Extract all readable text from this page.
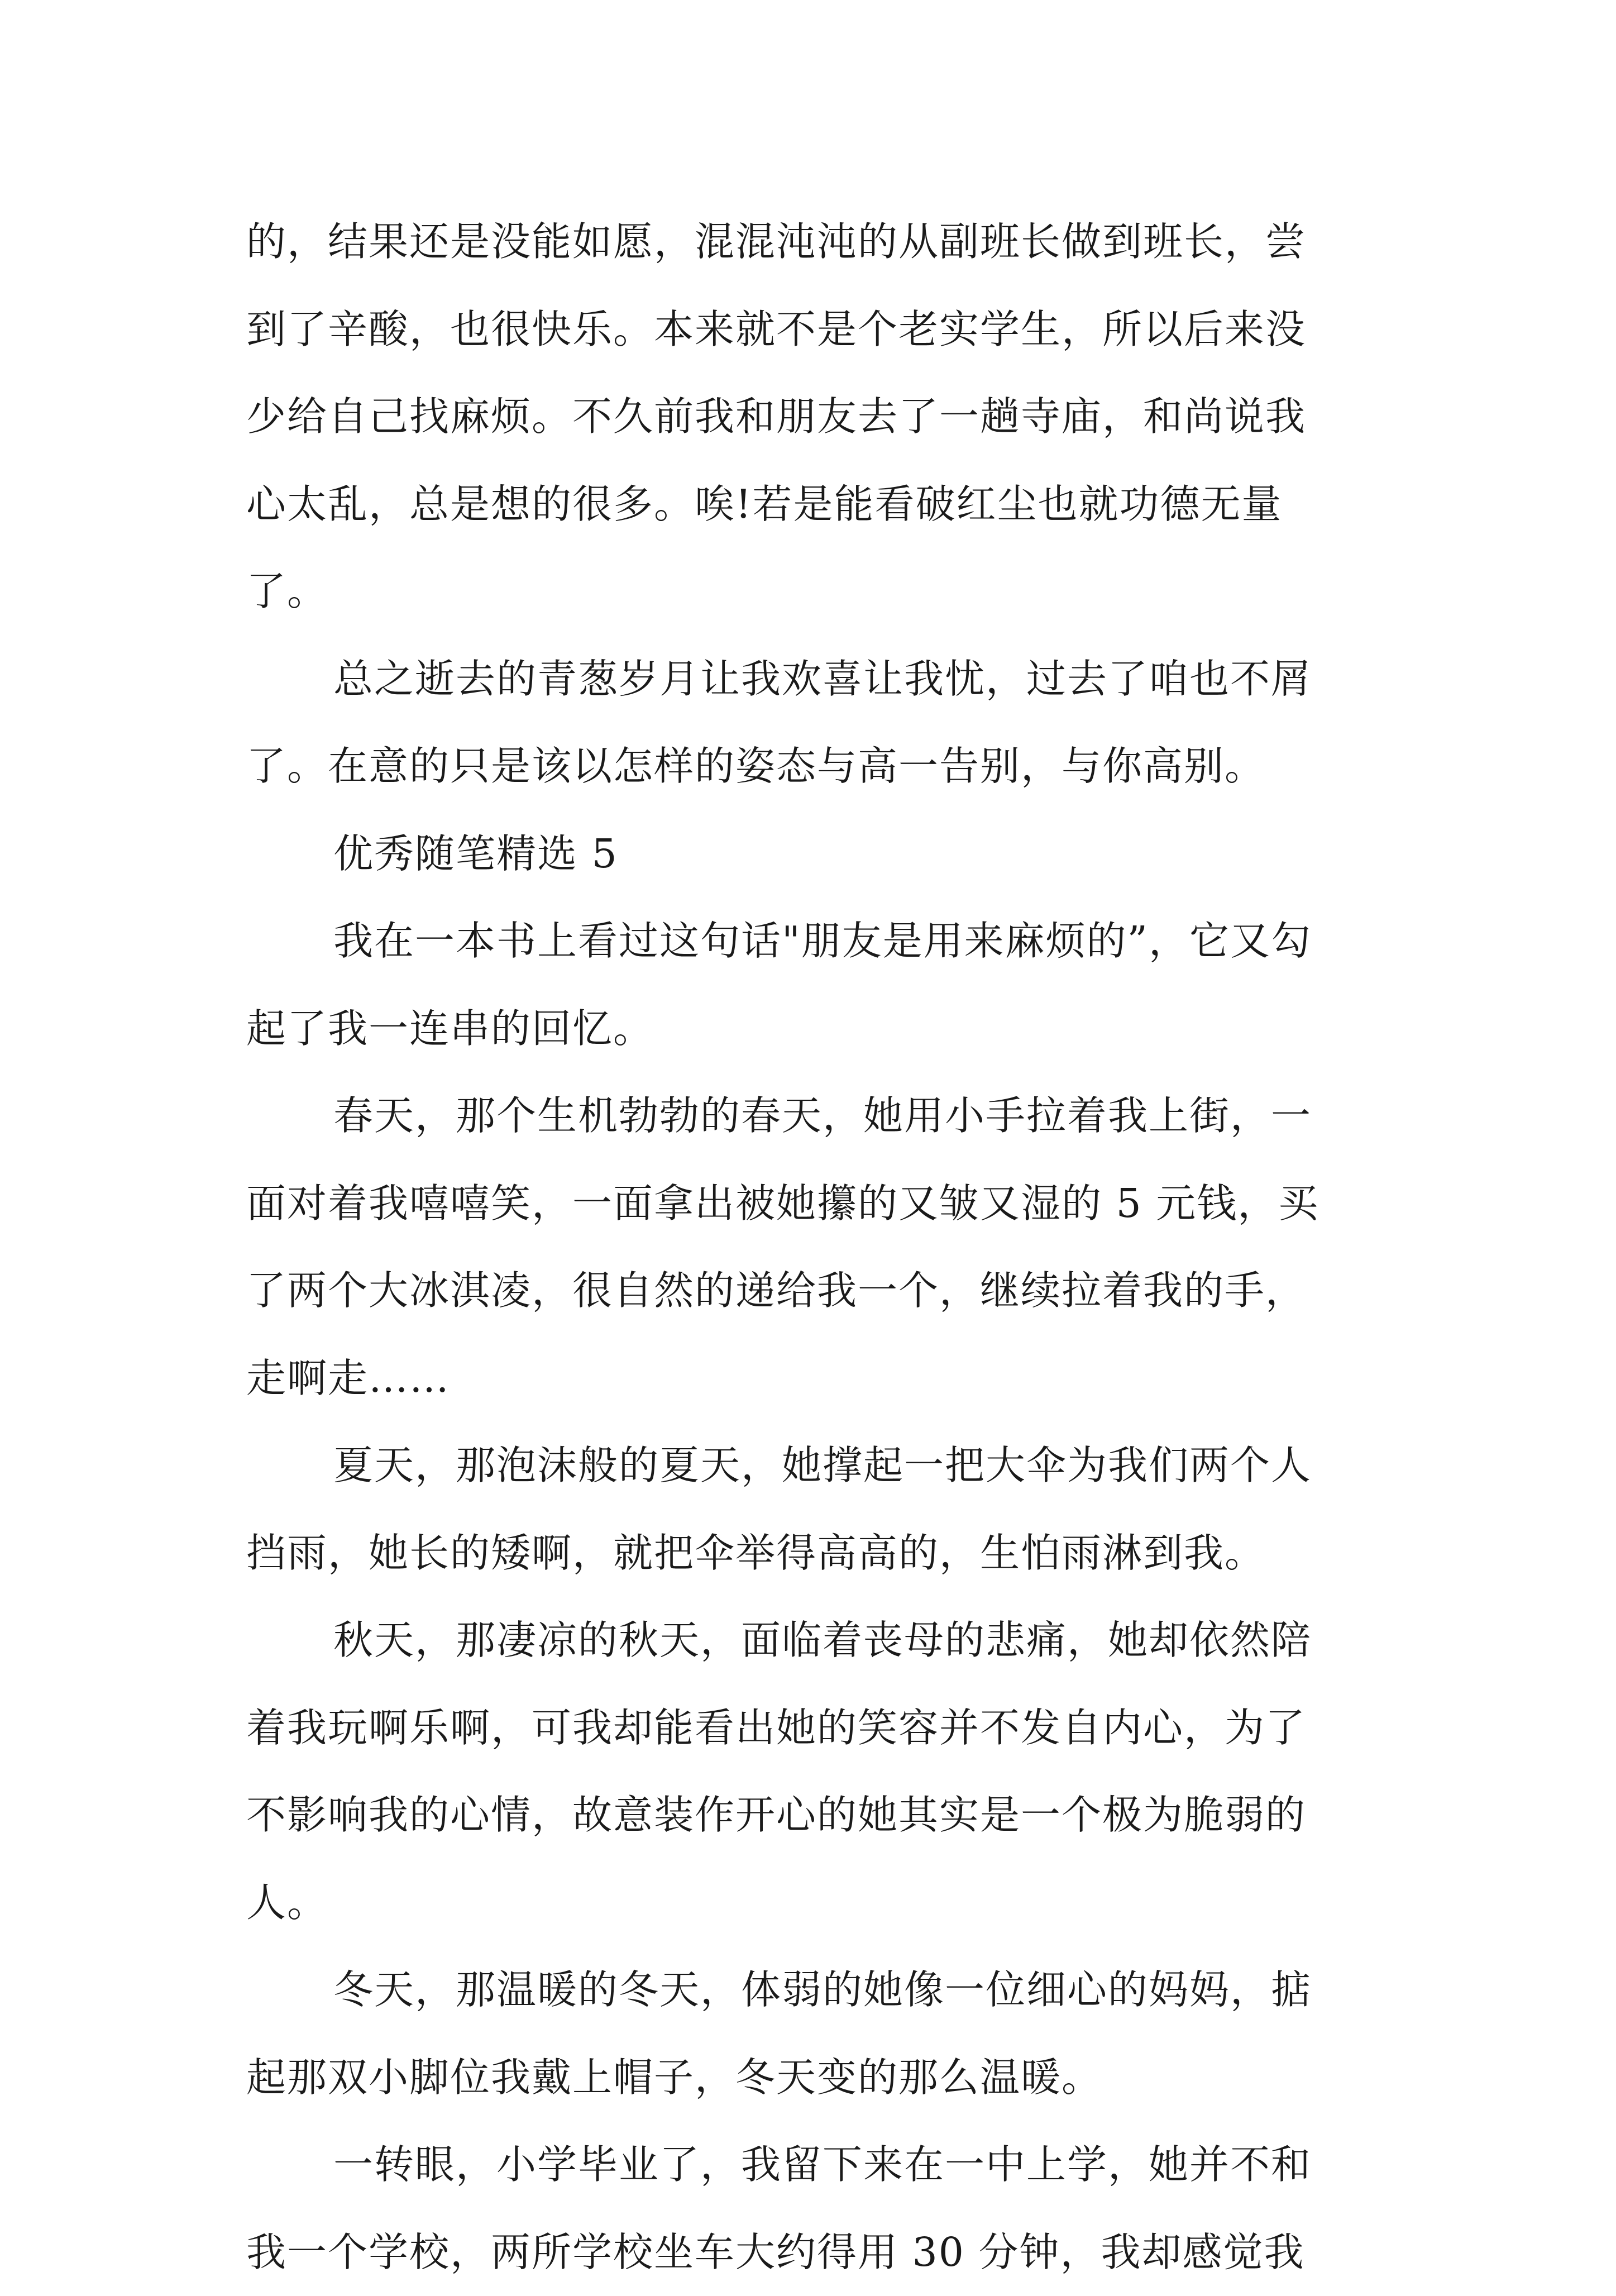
的，结果还是没能如愿，混混沌沌的从副班长做到班长，尝
到了辛酸，也很快乐。本来就不是个老实学生，所以后来没
少给自己找麻烦。不久前我和朋友去了一趟寺庙，和尚说我
心太乱，总是想的很多。唉!若是能看破红尘也就功德无量
了。
总之逝去的青葱岁月让我欢喜让我忧，过去了咱也不屑
了。在意的只是该以怎样的姿态与高一告别，与你高别。
优秀随笔精选 5
我在一本书上看过这句话"朋友是用来麻烦的”，它又勾
起了我一连串的回忆。
春天，那个生机勃勃的春天，她用小手拉着我上街，一
面对着我嘻嘻笑，一面拿出被她攥的又皱又湿的 5 元钱，买
了两个大冰淇凌，很自然的递给我一个，继续拉着我的手，
走啊走……
夏天，那泡沫般的夏天，她撑起一把大伞为我们两个人
挡雨，她长的矮啊，就把伞举得高高的，生怕雨淋到我。
秋天，那凄凉的秋天，面临着丧母的悲痛，她却依然陪
着我玩啊乐啊，可我却能看出她的笑容并不发自内心，为了
不影响我的心情，故意装作开心的她其实是一个极为脆弱的
人。
冬天，那温暖的冬天，体弱的她像一位细心的妈妈，掂
起那双小脚位我戴上帽子，冬天变的那么温暖。
一转眼，小学毕业了，我留下来在一中上学，她并不和
我一个学校，两所学校坐车大约得用 30 分钟，我却感觉我
